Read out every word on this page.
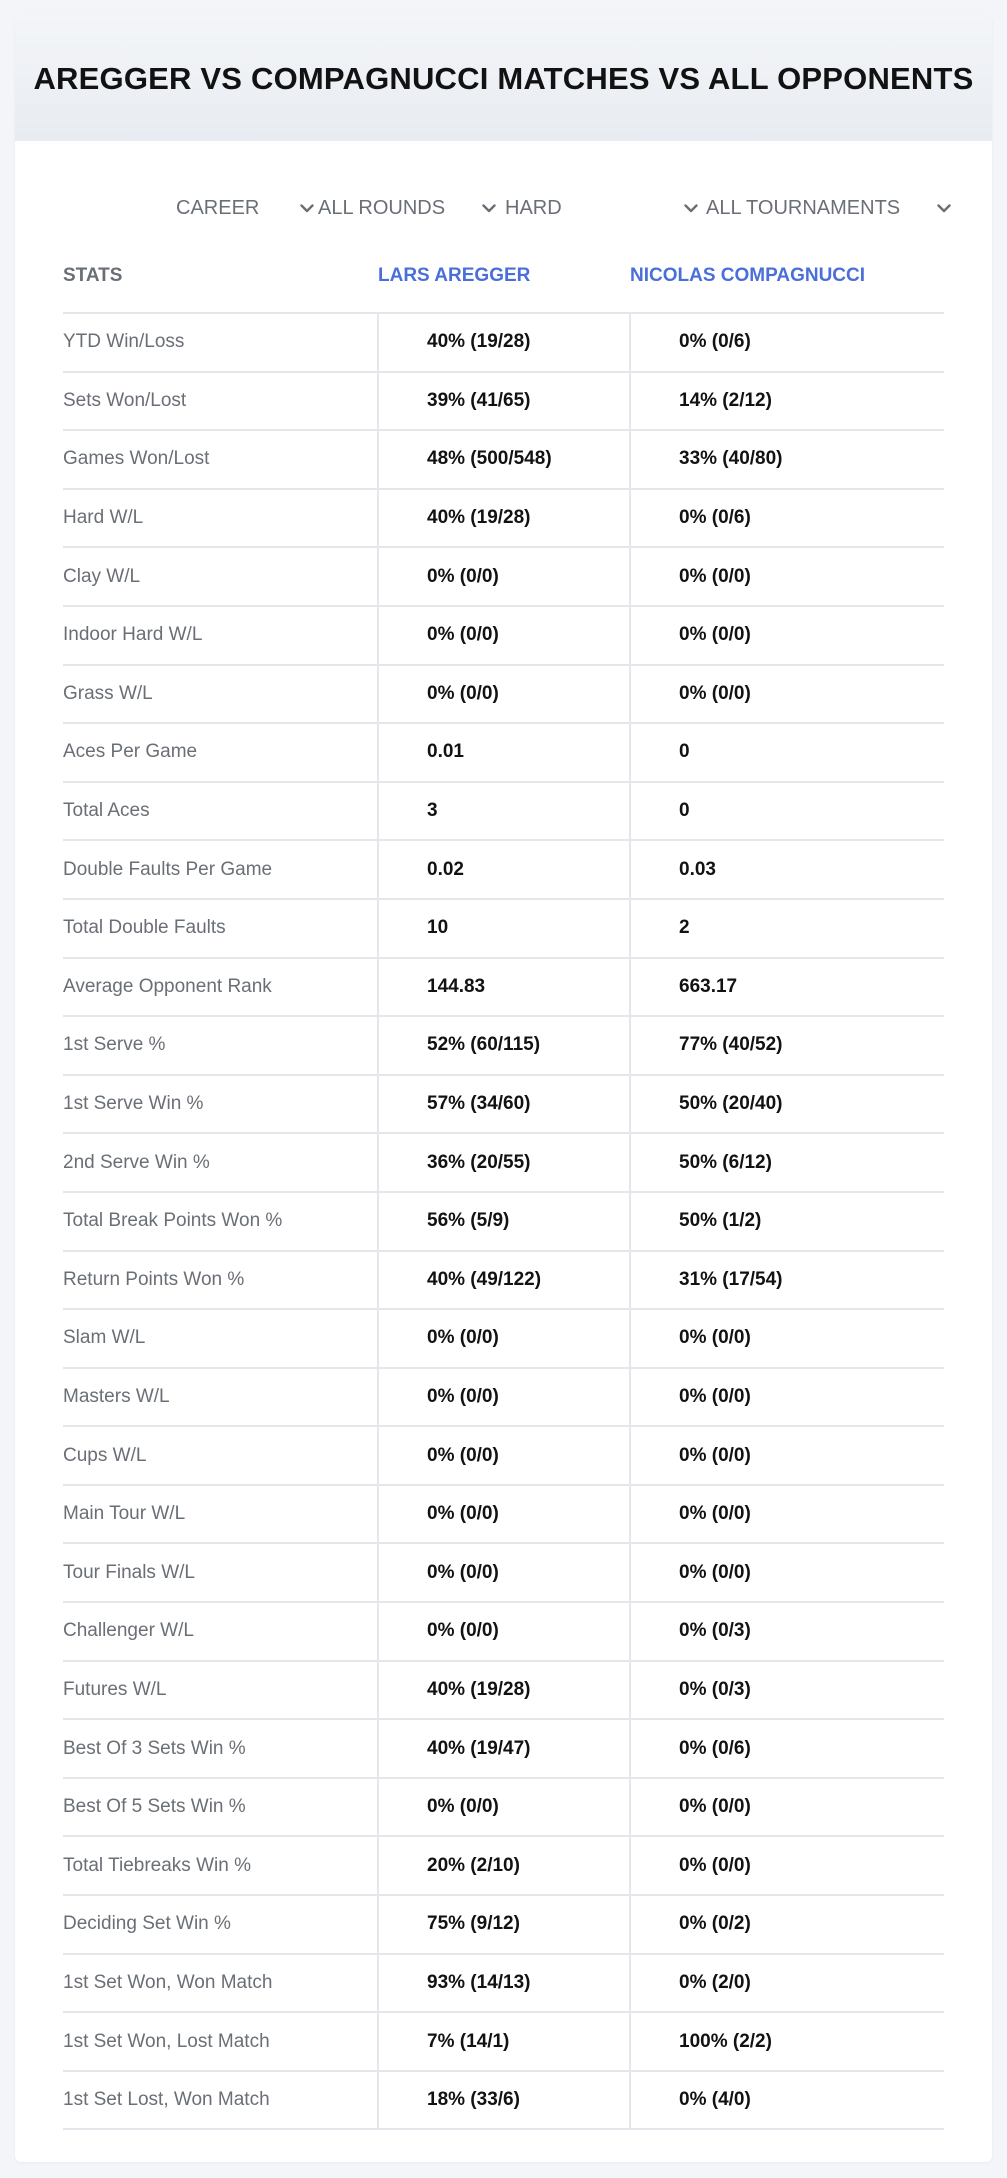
AREGGER VS COMPAGNUCCI MATCHES VS ALL OPPONENTS
CAREER	ALL ROUNDS	HARD	ALL TOURNAMENTS
STATS	LARS AREGGER	NICOLAS COMPAGNUCCI
YTD Win/Loss	40% (19/28)	0% (0/6)
Sets Won/Lost	39% (41/65)	14% (2/12)
Games Won/Lost	48% (500/548)	33% (40/80)
Hard W/L	40% (19/28)	0% (0/6)
Clay W/L	0% (0/0)	0% (0/0)
Indoor Hard W/L	0% (0/0)	0% (0/0)
Grass W/L	0% (0/0)	0% (0/0)
Aces Per Game	0.01	0
Total Aces	3	0
Double Faults Per Game	0.02	0.03
Total Double Faults	10	2
Average Opponent Rank	144.83	663.17
1st Serve %	52% (60/115)	77% (40/52)
1st Serve Win %	57% (34/60)	50% (20/40)
2nd Serve Win %	36% (20/55)	50% (6/12)
Total Break Points Won %	56% (5/9)	50% (1/2)
Return Points Won %	40% (49/122)	31% (17/54)
Slam W/L	0% (0/0)	0% (0/0)
Masters W/L	0% (0/0)	0% (0/0)
Cups W/L	0% (0/0)	0% (0/0)
Main Tour W/L	0% (0/0)	0% (0/0)
Tour Finals W/L	0% (0/0)	0% (0/0)
Challenger W/L	0% (0/0)	0% (0/3)
Futures W/L	40% (19/28)	0% (0/3)
Best Of 3 Sets Win %	40% (19/47)	0% (0/6)
Best Of 5 Sets Win %	0% (0/0)	0% (0/0)
Total Tiebreaks Win %	20% (2/10)	0% (0/0)
Deciding Set Win %	75% (9/12)	0% (0/2)
1st Set Won, Won Match	93% (14/13)	0% (2/0)
1st Set Won, Lost Match	7% (14/1)	100% (2/2)
1st Set Lost, Won Match	18% (33/6)	0% (4/0)
